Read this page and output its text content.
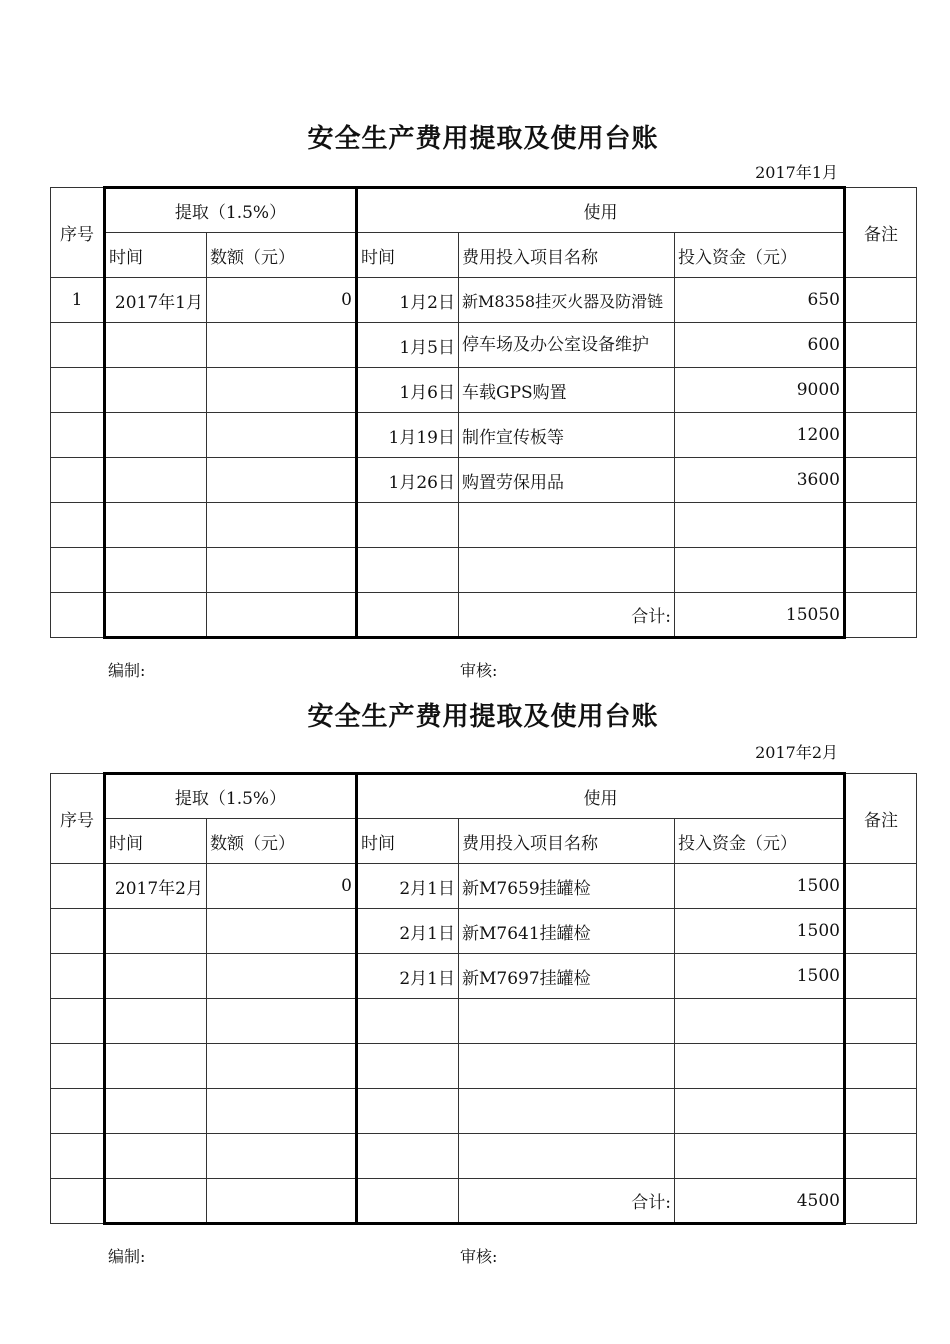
安全生产费用提取及使用台账
2017年1月
序号	提取（1.5%）		使用			备注
	时间	数额（元）	时间	费用投入项目名称	投入资金（元）	
1	2017年1月	0	1月2日	新M8358挂灭火器及防滑链	650	
			1月5日	停车场及办公室设备维护	600	
			1月6日	车载GPS购置	9000	
			1月19日	制作宣传板等	1200	
			1月26日	购置劳保用品	3600	

				合计:	15050	
编制:	审核:
安全生产费用提取及使用台账
2017年2月
序号	提取（1.5%）		使用			备注
	时间	数额（元）	时间	费用投入项目名称	投入资金（元）	
	2017年2月	0	2月1日	新M7659挂罐检	1500	
			2月1日	新M7641挂罐检	1500	
			2月1日	新M7697挂罐检	1500	

				合计:	4500	
编制:	审核:
